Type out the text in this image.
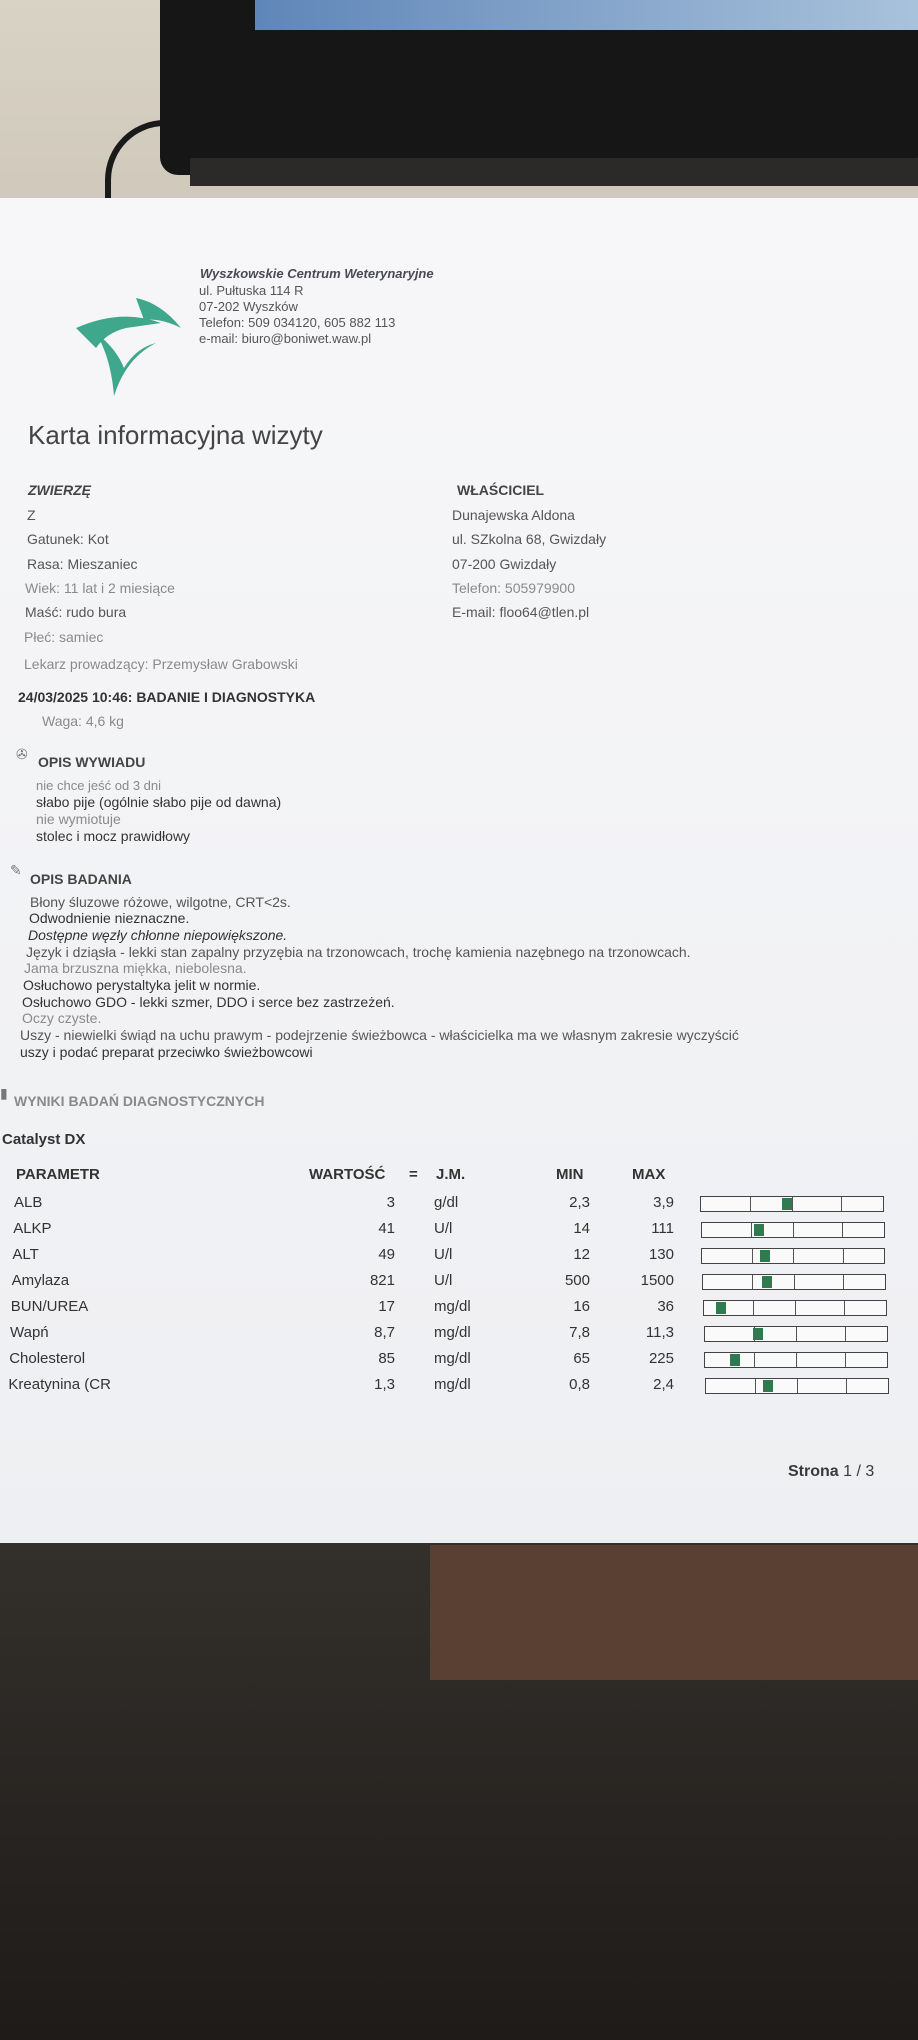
Wyszkowskie Centrum Weterynaryjne
ul. Pułtuska 114 R
07-202 Wyszków
Telefon: 509 034120, 605 882 113
e-mail: biuro@boniwet.waw.pl
Karta informacyjna wizyty
ZWIERZĘ
Z
Gatunek: Kot
Rasa: Mieszaniec
Wiek: 11 lat i 2 miesiące
Maść: rudo bura
Płeć: samiec
Lekarz prowadzący: Przemysław Grabowski
WŁAŚCICIEL
Dunajewska Aldona
ul. SZkolna 68, Gwizdały
07-200 Gwizdały
Telefon: 505979900
E-mail: floo64@tlen.pl
24/03/2025 10:46: BADANIE I DIAGNOSTYKA
Waga: 4,6 kg
✇ OPIS WYWIADU
nie chce jeść od 3 dni
słabo pije (ogólnie słabo pije od dawna)
nie wymiotuje
stolec i mocz prawidłowy
✎
OPIS BADANIA
Błony śluzowe różowe, wilgotne, CRT<2s.
Odwodnienie nieznaczne.
Dostępne węzły chłonne niepowiększone.
Język i dziąsła - lekki stan zapalny przyzębia na trzonowcach, trochę kamienia nazębnego na trzonowcach.
Jama brzuszna miękka, niebolesna.
Osłuchowo perystaltyka jelit w normie.
Osłuchowo GDO - lekki szmer, DDO i serce bez zastrzeżeń.
Oczy czyste.
Uszy - niewielki świąd na uchu prawym - podejrzenie świeżbowca - właścicielka ma we własnym zakresie wyczyścić
uszy i podać preparat przeciwko świeżbowcowi
▮ WYNIKI BADAŃ DIAGNOSTYCZNYCH
Catalyst DX
PARAMETR	WARTOŚĆ = J.M.	MIN	MAX
ALB	3	g/dl	2,3	3,9
ALKP	41	U/l	14	111
ALT	49	U/l	12	130
Amylaza	821	U/l	500	1500
BUN/UREA	17	mg/dl	16	36
Wapń	8,7	mg/dl	7,8	11,3
Cholesterol	85	mg/dl	65	225
Kreatynina (CR	1,3	mg/dl	0,8	2,4
Strona 1 / 3
